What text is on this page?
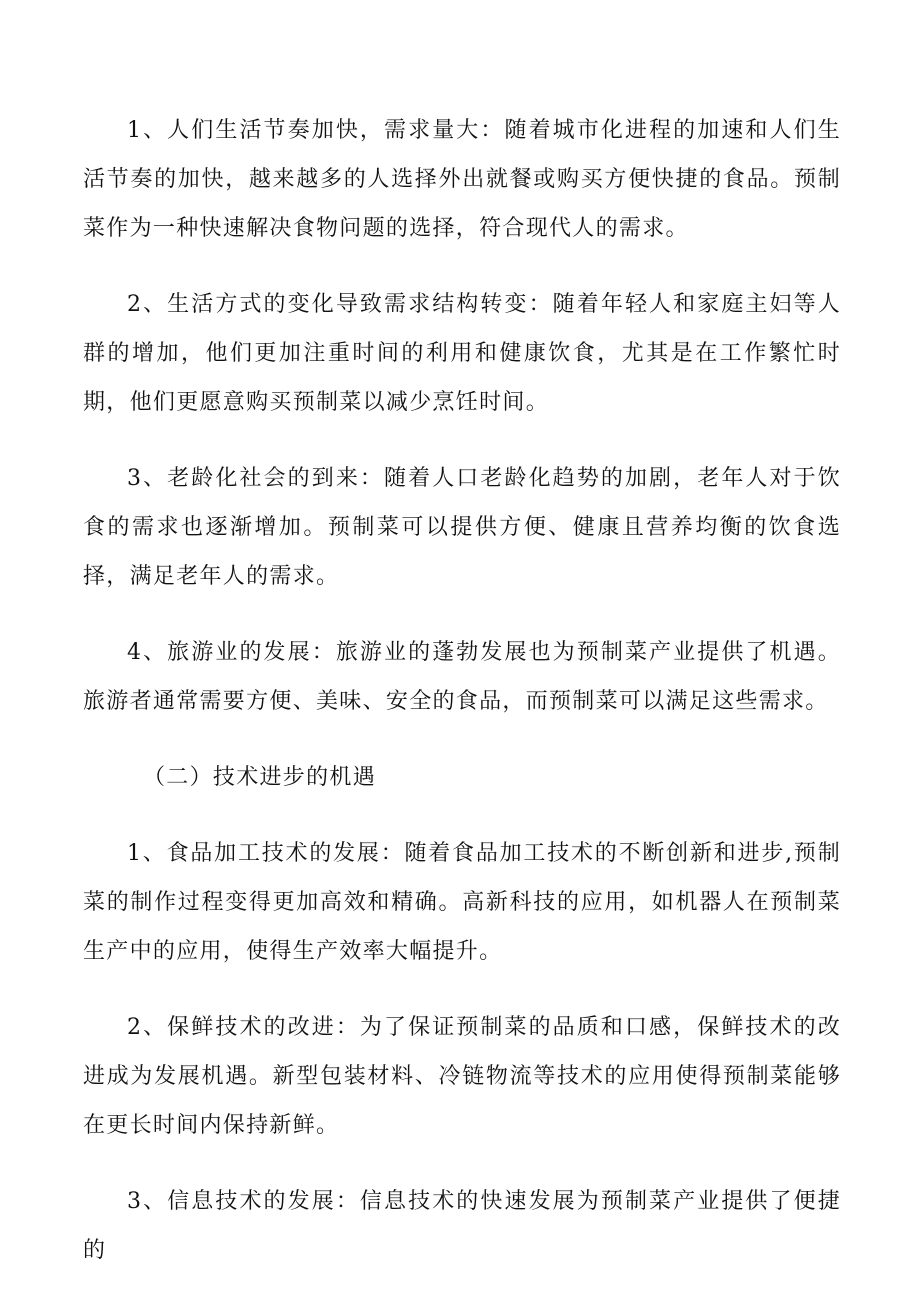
1、人们生活节奏加快，需求量大：随着城市化进程的加速和人们生活节奏的加快，越来越多的人选择外出就餐或购买方便快捷的食品。预制菜作为一种快速解决食物问题的选择，符合现代人的需求。

2、生活方式的变化导致需求结构转变：随着年轻人和家庭主妇等人群的增加，他们更加注重时间的利用和健康饮食，尤其是在工作繁忙时期，他们更愿意购买预制菜以减少烹饪时间。

3、老龄化社会的到来：随着人口老龄化趋势的加剧，老年人对于饮食的需求也逐渐增加。预制菜可以提供方便、健康且营养均衡的饮食选择，满足老年人的需求。

4、旅游业的发展：旅游业的蓬勃发展也为预制菜产业提供了机遇。旅游者通常需要方便、美味、安全的食品，而预制菜可以满足这些需求。

（二）技术进步的机遇

1、食品加工技术的发展：随着食品加工技术的不断创新和进步,预制菜的制作过程变得更加高效和精确。高新科技的应用，如机器人在预制菜生产中的应用，使得生产效率大幅提升。

2、保鲜技术的改进：为了保证预制菜的品质和口感，保鲜技术的改进成为发展机遇。新型包装材料、冷链物流等技术的应用使得预制菜能够在更长时间内保持新鲜。

3、信息技术的发展：信息技术的快速发展为预制菜产业提供了便捷的
